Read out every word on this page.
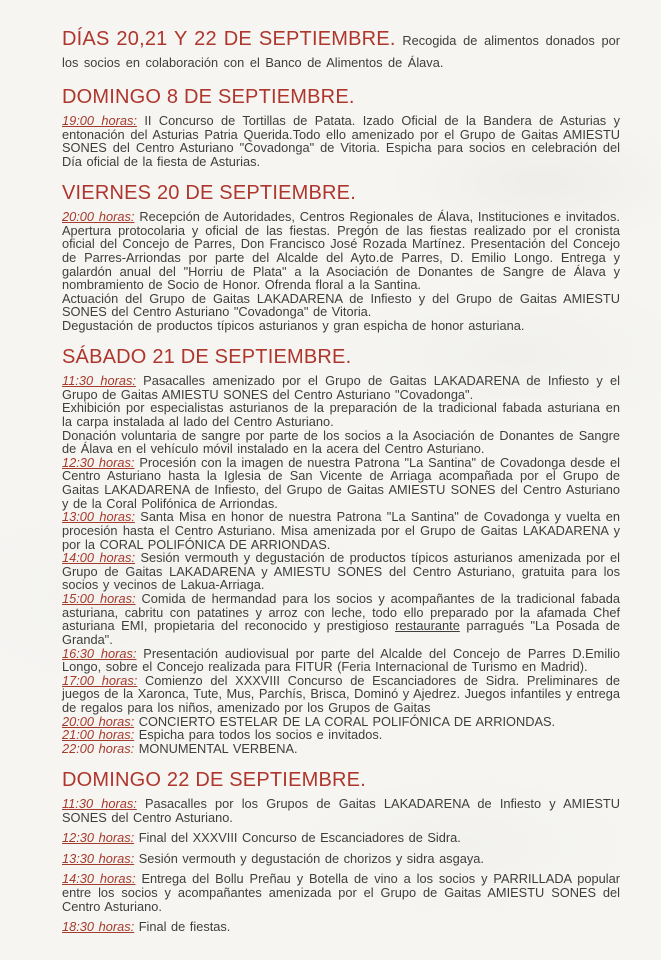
DÍAS 20,21 Y 22 DE SEPTIEMBRE. Recogida de alimentos donados por los socios en colaboración con el Banco de Alimentos de Álava.
DOMINGO 8 DE SEPTIEMBRE.
19:00 horas: II Concurso de Tortillas de Patata. Izado Oficial de la Bandera de Asturias y entonación del Asturias Patria Querida.Todo ello amenizado por el Grupo de Gaitas AMIESTU SONES del Centro Asturiano "Covadonga" de Vitoria. Espicha para socios en celebración del Día oficial de la fiesta de Asturias.
VIERNES 20 DE SEPTIEMBRE.
20:00 horas: Recepción de Autoridades, Centros Regionales de Álava, Instituciones e invitados. Apertura protocolaria y oficial de las fiestas. Pregón de las fiestas realizado por el cronista oficial del Concejo de Parres, Don Francisco José Rozada Martínez. Presentación del Concejo de Parres-Arriondas por parte del Alcalde del Ayto.de Parres, D. Emilio Longo. Entrega y galardón anual del "Horriu de Plata" a la Asociación de Donantes de Sangre de Álava y nombramiento de Socio de Honor. Ofrenda floral a la Santina.
Actuación del Grupo de Gaitas LAKADARENA de Infiesto y del Grupo de Gaitas AMIESTU SONES del Centro Asturiano "Covadonga" de Vitoria.
Degustación de productos típicos asturianos y gran espicha de honor asturiana.
SÁBADO 21 DE SEPTIEMBRE.
11:30 horas: Pasacalles amenizado por el Grupo de Gaitas LAKADARENA de Infiesto y el Grupo de Gaitas AMIESTU SONES del Centro Asturiano "Covadonga".
Exhibición por especialistas asturianos de la preparación de la tradicional fabada asturiana en la carpa instalada al lado del Centro Asturiano.
Donación voluntaria de sangre por parte de los socios a la Asociación de Donantes de Sangre de Álava en el vehículo móvil instalado en la acera del Centro Asturiano.
12:30 horas: Procesión con la imagen de nuestra Patrona "La Santina" de Covadonga desde el Centro Asturiano hasta la Iglesia de San Vicente de Arriaga acompañada por el Grupo de Gaitas LAKADARENA de Infiesto, del Grupo de Gaitas AMIESTU SONES del Centro Asturiano y de la Coral Polifónica de Arriondas.
13:00 horas: Santa Misa en honor de nuestra Patrona "La Santina" de Covadonga y vuelta en procesión hasta el Centro Asturiano. Misa amenizada por el Grupo de Gaitas LAKADARENA y por la CORAL POLIFÓNICA DE ARRIONDAS.
14:00 horas: Sesión vermouth y degustación de productos típicos asturianos amenizada por el Grupo de Gaitas LAKADARENA y AMIESTU SONES del Centro Asturiano, gratuita para los socios y vecinos de Lakua-Arriaga.
15:00 horas: Comida de hermandad para los socios y acompañantes de la tradicional fabada asturiana, cabritu con patatines y arroz con leche, todo ello preparado por la afamada Chef asturiana EMI, propietaria del reconocido y prestigioso restaurante parragués "La Posada de Granda".
16:30 horas: Presentación audiovisual por parte del Alcalde del Concejo de Parres D.Emilio Longo, sobre el Concejo realizada para FITUR (Feria Internacional de Turismo en Madrid).
17:00 horas: Comienzo del XXXVIII Concurso de Escanciadores de Sidra. Preliminares de juegos de la Xaronca, Tute, Mus, Parchís, Brisca, Dominó y Ajedrez. Juegos infantiles y entrega de regalos para los niños, amenizado por los Grupos de Gaitas
20:00 horas: CONCIERTO ESTELAR DE LA CORAL POLIFÓNICA DE ARRIONDAS.
21:00 horas: Espicha para todos los socios e invitados.
22:00 horas: MONUMENTAL VERBENA.
DOMINGO 22 DE SEPTIEMBRE.
11:30 horas: Pasacalles por los Grupos de Gaitas LAKADARENA de Infiesto y AMIESTU SONES del Centro Asturiano.
12:30 horas: Final del XXXVIII Concurso de Escanciadores de Sidra.
13:30 horas: Sesión vermouth y degustación de chorizos y sidra asgaya.
14:30 horas: Entrega del Bollu Preñau y Botella de vino a los socios y PARRILLADA popular entre los socios y acompañantes amenizada por el Grupo de Gaitas AMIESTU SONES del Centro Asturiano.
18:30 horas: Final de fiestas.
